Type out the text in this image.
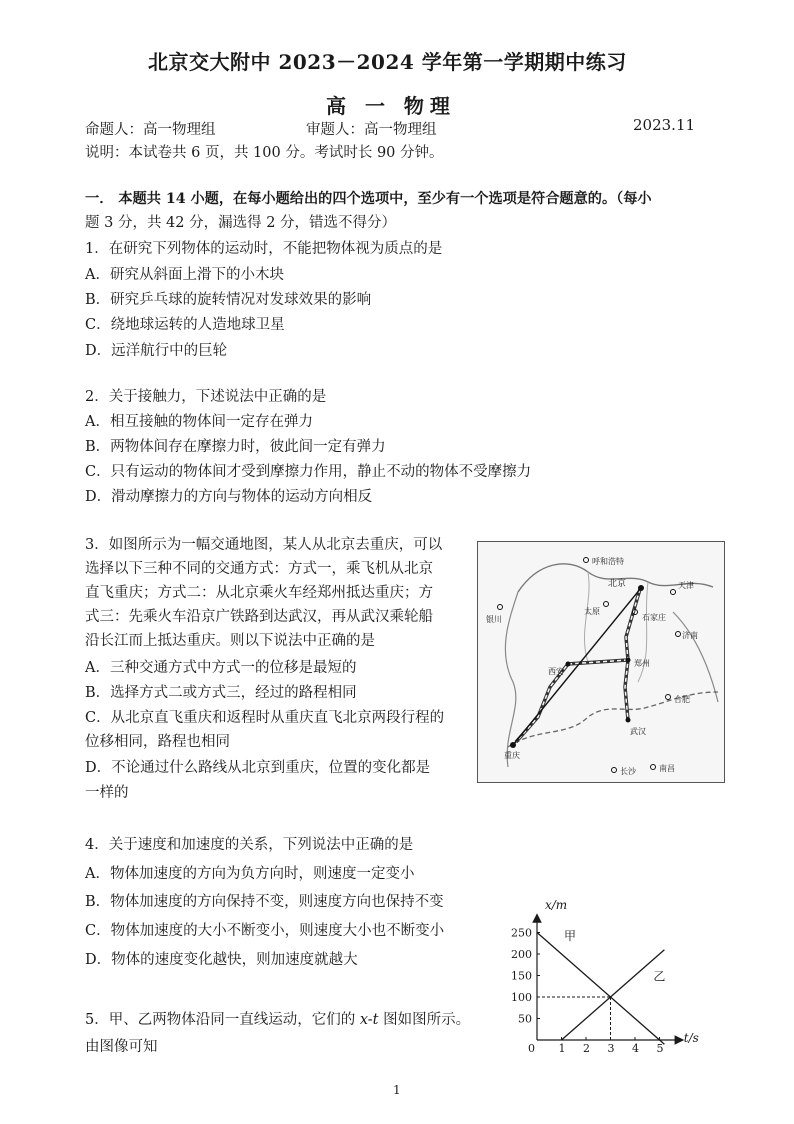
北京交大附中 2023－2024 学年第一学期期中练习
高 一 物理
2023.11
命题人：高一物理组	审题人：高一物理组
说明：本试卷共 6 页，共 100 分。考试时长 90 分钟。
一． 本题共 14 小题，在每小题给出的四个选项中，至少有一个选项是符合题意的。（每小
题 3 分，共 42 分，漏选得 2 分，错选不得分）
1．在研究下列物体的运动时，不能把物体视为质点的是
A．研究从斜面上滑下的小木块
B．研究乒乓球的旋转情况对发球效果的影响
C．绕地球运转的人造地球卫星
D．远洋航行中的巨轮
2．关于接触力，下述说法中正确的是
A．相互接触的物体间一定存在弹力
B．两物体间存在摩擦力时，彼此间一定有弹力
C．只有运动的物体间才受到摩擦力作用，静止不动的物体不受摩擦力
D．滑动摩擦力的方向与物体的运动方向相反
3．如图所示为一幅交通地图，某人从北京去重庆，可以
选择以下三种不同的交通方式：方式一，乘飞机从北京
直飞重庆；方式二：从北京乘火车经郑州抵达重庆；方
式三：先乘火车沿京广铁路到达武汉，再从武汉乘轮船
沿长江而上抵达重庆。则以下说法中正确的是
A．三种交通方式中方式一的位移是最短的
B．选择方式二或方式三，经过的路程相同
C．从北京直飞重庆和返程时从重庆直飞北京两段行程的
位移相同，路程也相同
D．不论通过什么路线从北京到重庆，位置的变化都是
一样的
呼和浩特
北京	天津
银川
太原
石家庄
济南
西安
郑州
重庆
武汉
合肥
长沙	南昌
4．关于速度和加速度的关系，下列说法中正确的是
A．物体加速度的方向为负方向时，则速度一定变小
B．物体加速度的方向保持不变，则速度方向也保持不变
C．物体加速度的大小不断变小，则速度大小也不断变小
D．物体的速度变化越快，则加速度就越大
5．甲、乙两物体沿同一直线运动，它们的 x-t 图如图所示。
由图像可知	0 1 2 3 4 5
50
100
150
200
250
x/m
t/s
甲
乙
1
